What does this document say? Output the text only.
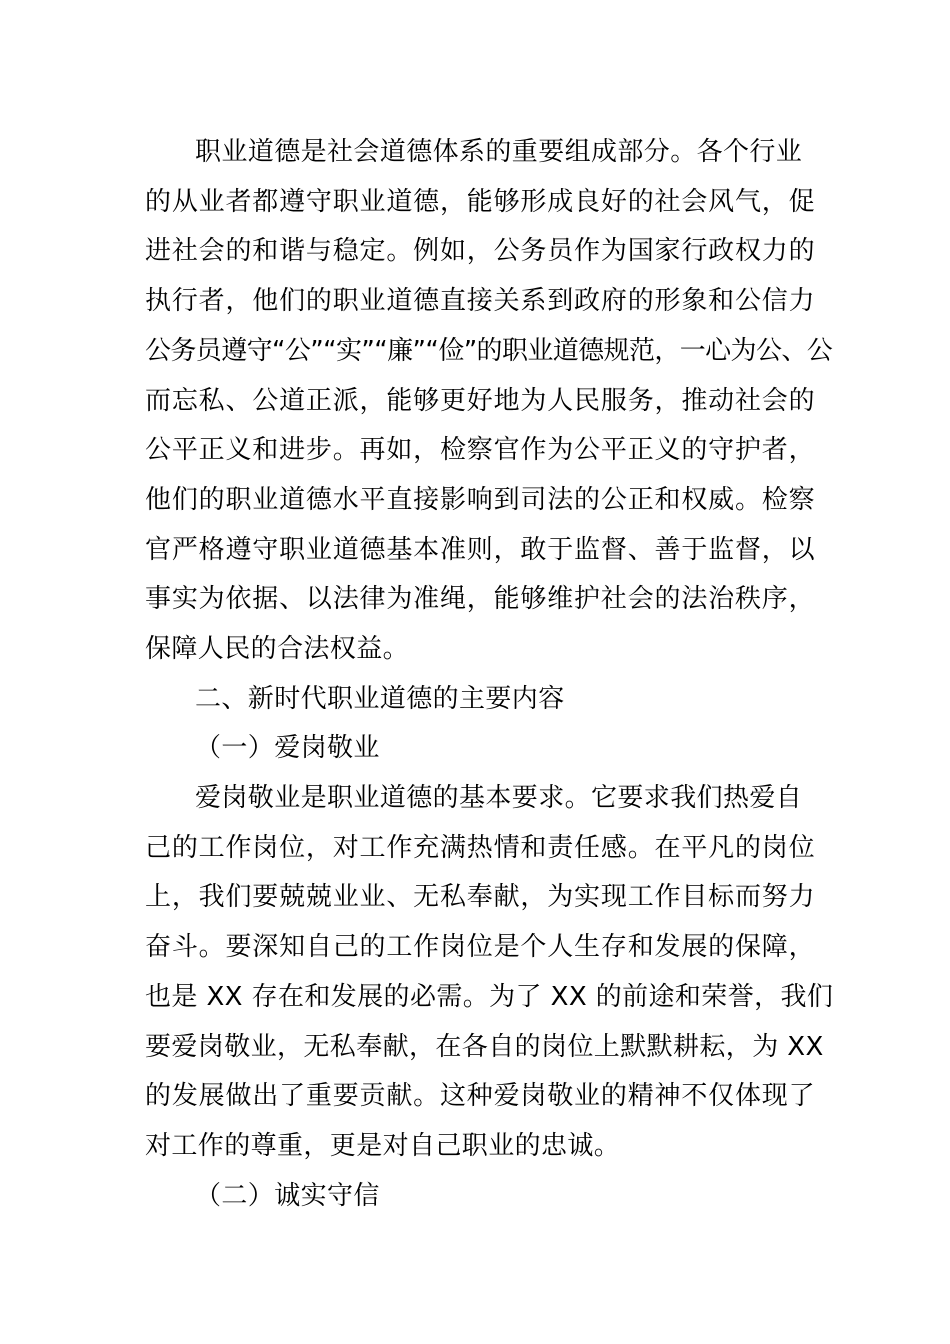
职业道德是社会道德体系的重要组成部分。各个行业
的从业者都遵守职业道德，能够形成良好的社会风气，促
进社会的和谐与稳定。例如，公务员作为国家行政权力的
执行者，他们的职业道德直接关系到政府的形象和公信力
公务员遵守“公”“实”“廉”“俭”的职业道德规范，一心为公、公
而忘私、公道正派，能够更好地为人民服务，推动社会的
公平正义和进步。再如，检察官作为公平正义的守护者，
他们的职业道德水平直接影响到司法的公正和权威。检察
官严格遵守职业道德基本准则，敢于监督、善于监督，以
事实为依据、以法律为准绳，能够维护社会的法治秩序，
保障人民的合法权益。
二、新时代职业道德的主要内容
（一）爱岗敬业
爱岗敬业是职业道德的基本要求。它要求我们热爱自
己的工作岗位，对工作充满热情和责任感。在平凡的岗位
上，我们要兢兢业业、无私奉献，为实现工作目标而努力
奋斗。要深知自己的工作岗位是个人生存和发展的保障，
也是 XX 存在和发展的必需。为了 XX 的前途和荣誉，我们
要爱岗敬业，无私奉献，在各自的岗位上默默耕耘，为 XX
的发展做出了重要贡献。这种爱岗敬业的精神不仅体现了
对工作的尊重，更是对自己职业的忠诚。
（二）诚实守信
